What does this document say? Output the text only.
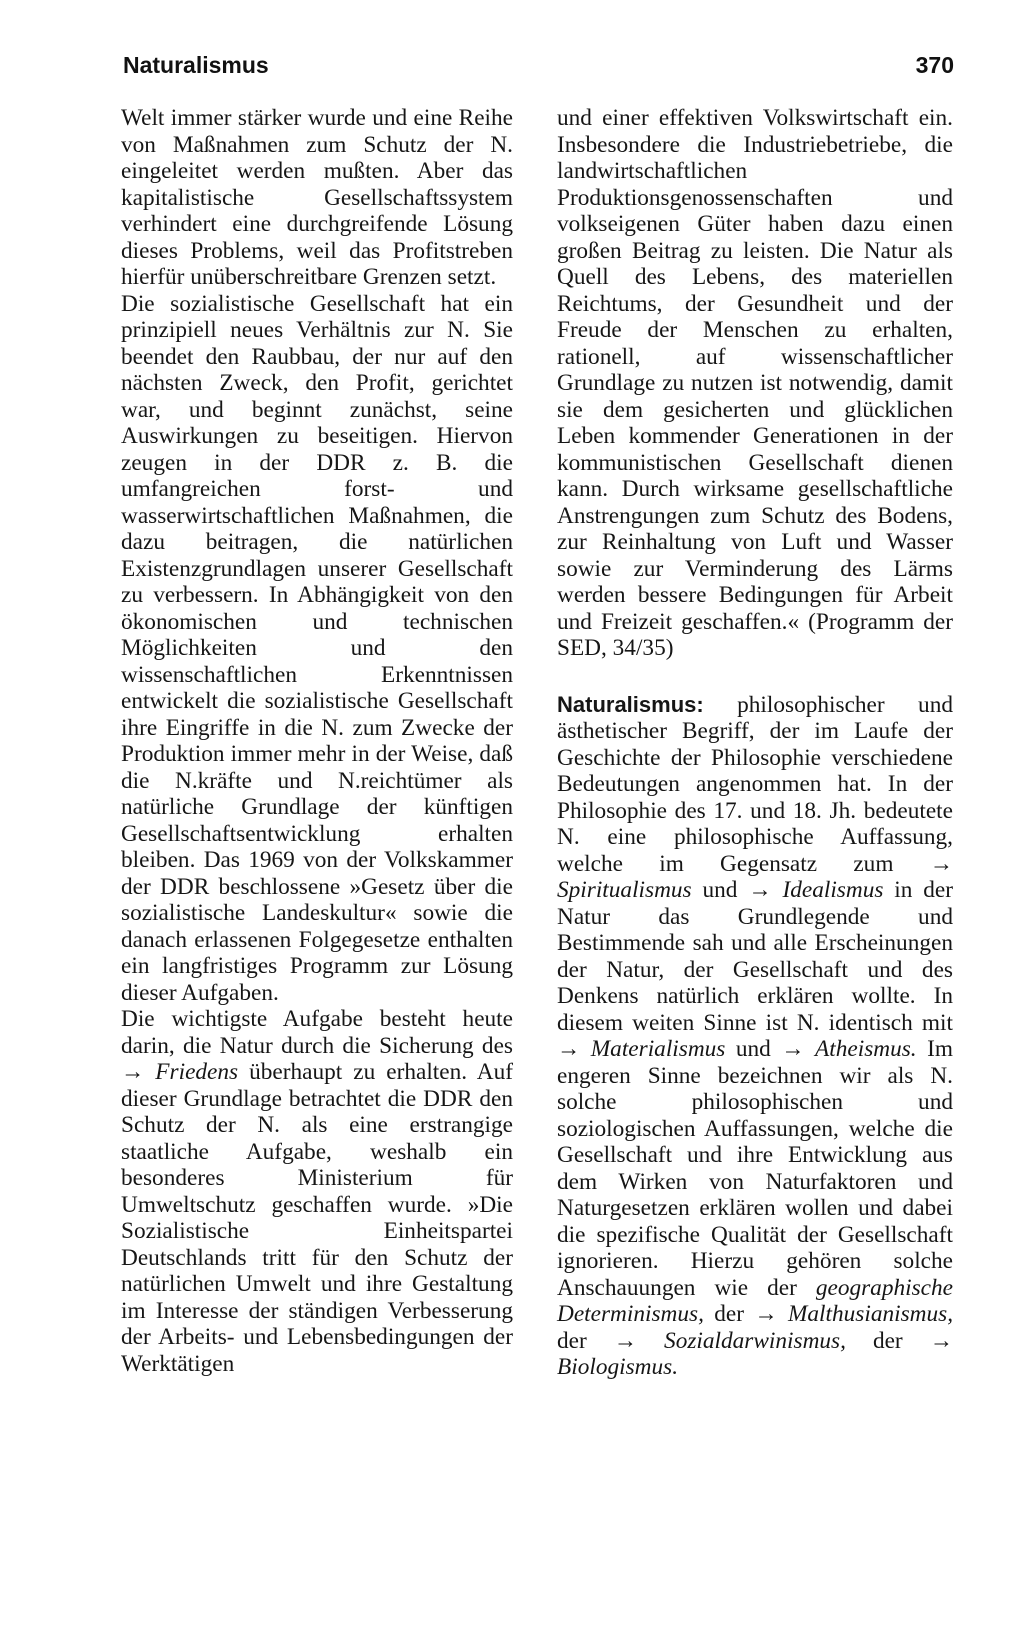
Naturalismus	370

Welt immer stärker wurde und eine Reihe von Maßnahmen zum Schutz der N. eingeleitet werden mußten. Aber das kapitalistische Gesellschaftssystem verhindert eine durchgreifende Lösung dieses Problems, weil das Profitstreben hierfür unüberschreitbare Grenzen setzt.

Die sozialistische Gesellschaft hat ein prinzipiell neues Verhältnis zur N. Sie beendet den Raubbau, der nur auf den nächsten Zweck, den Profit, gerichtet war, und beginnt zunächst, seine Auswirkungen zu beseitigen. Hiervon zeugen in der DDR z. B. die umfangreichen forst- und wasserwirtschaftlichen Maßnahmen, die dazu beitragen, die natürlichen Existenzgrundlagen unserer Gesellschaft zu verbessern. In Abhängigkeit von den ökonomischen und technischen Möglichkeiten und den wissenschaftlichen Erkenntnissen entwickelt die sozialistische Gesellschaft ihre Eingriffe in die N. zum Zwecke der Produktion immer mehr in der Weise, daß die N.kräfte und N.reichtümer als natürliche Grundlage der künftigen Gesellschaftsentwicklung erhalten bleiben. Das 1969 von der Volkskammer der DDR beschlossene »Gesetz über die sozialistische Landeskultur« sowie die danach erlassenen Folgegesetze enthalten ein langfristiges Programm zur Lösung dieser Aufgaben.

Die wichtigste Aufgabe besteht heute darin, die Natur durch die Sicherung des → Friedens überhaupt zu erhalten. Auf dieser Grundlage betrachtet die DDR den Schutz der N. als eine erstrangige staatliche Aufgabe, weshalb ein besonderes Ministerium für Umweltschutz geschaffen wurde. »Die Sozialistische Einheitspartei Deutschlands tritt für den Schutz der natürlichen Umwelt und ihre Gestaltung im Interesse der ständigen Verbesserung der Arbeits- und Lebensbedingungen der Werktätigen

und einer effektiven Volkswirtschaft ein. Insbesondere die Industriebetriebe, die landwirtschaftlichen Produktionsgenossenschaften und volkseigenen Güter haben dazu einen großen Beitrag zu leisten. Die Natur als Quell des Lebens, des materiellen Reichtums, der Gesundheit und der Freude der Menschen zu erhalten, rationell, auf wissenschaftlicher Grundlage zu nutzen ist notwendig, damit sie dem gesicherten und glücklichen Leben kommender Generationen in der kommunistischen Gesellschaft dienen kann. Durch wirksame gesellschaftliche Anstrengungen zum Schutz des Bodens, zur Reinhaltung von Luft und Wasser sowie zur Verminderung des Lärms werden bessere Bedingungen für Arbeit und Freizeit geschaffen.« (Programm der SED, 34/35)

Naturalismus: philosophischer und ästhetischer Begriff, der im Laufe der Geschichte der Philosophie verschiedene Bedeutungen angenommen hat. In der Philosophie des 17. und 18. Jh. bedeutete N. eine philosophische Auffassung, welche im Gegensatz zum → Spiritualismus und → Idealismus in der Natur das Grundlegende und Bestimmende sah und alle Erscheinungen der Natur, der Gesellschaft und des Denkens natürlich erklären wollte. In diesem weiten Sinne ist N. identisch mit → Materialismus und → Atheismus. Im engeren Sinne bezeichnen wir als N. solche philosophischen und soziologischen Auffassungen, welche die Gesellschaft und ihre Entwicklung aus dem Wirken von Naturfaktoren und Naturgesetzen erklären wollen und dabei die spezifische Qualität der Gesellschaft ignorieren. Hierzu gehören solche Anschauungen wie der geographische Determinismus, der → Malthusianismus, der → Sozialdarwinismus, der → Biologismus.
